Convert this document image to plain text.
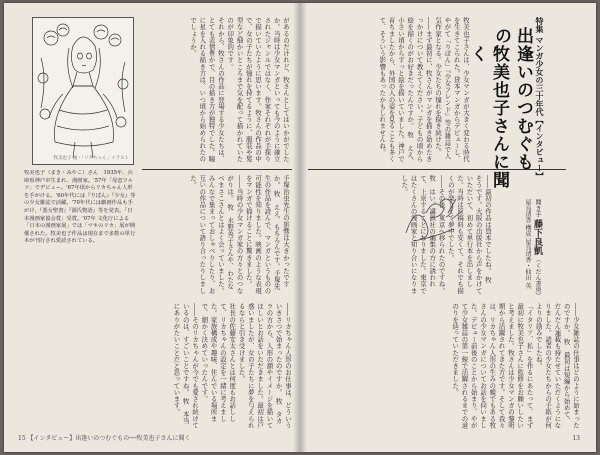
牧美也子 画・「リカちゃん」イラスト
牧美也子（まき・みやこ）さん　1935年、兵庫県神戸市生まれ、漫画家。'57年「母恋ワルツ」でデビュー。'67年頃からリカちゃん人形を手がける。'60年代には『りぼん』『少女』等の少女雑誌で活躍。'70年代には劇画作品も手がけ、『悪女聖書』『源氏物語』等を発表。「日本漫画家協会賞」受賞。'07年 文化庁による「日本の漫画家展」では「マキのリカ」展が開催された。牧美也子作品は現在まで多数の単行本が刊行され愛読されている。
があるのだけれど、牧さんとしてはいかがでしたか。当時は少女マンガといっても今のように確立されたジャンルではなく、作家それぞれが手探りで描いていたように思います。牧さんの作品の中で、女の子たちが憧れを持てるように、服装や髪型など細かいところまで気を配って描かれていたのが印象的です。
それから、牧さんの作品に登場する少女たちは、とても表情豊かで、目の描き方が独特でした。瞳に星を入れる描き方は、いつ頃から始められたのでしょうか。
手塚治虫先生の影響は大きかったですか。 牧　ええ、もちろんです。手塚先生の作品を読んで、マンガというものの可能性を知りました。映画のような表現をマンガで描けることに驚きました。
――当時の少女マンガ家の方々とのつながりは。 牧　水野英子さんや、わたなべまさこさんとはよく会っていました。みんなで集まっておしゃべりしたり、お互いの作品について語り合ったりしました。
――リカちゃん人形のお仕事は、どういういきさつで始まったのですか。 牧　タカラの方から、人形の顔やイメージを描いてほしいとお話をいただきました。最初は戸惑いましたが、女の子たちに夢を与えられるならと引き受けました。
社長の佐藤安太さんとは何度もお話しして、リカちゃんの設定を一緒に考えました。家族構成や趣味、住んでいる場所まで、細かく決めていったんです。
――そのリカちゃんが今でも愛され続けているのは、すごいことですね。 牧　本当にありがたいことだと思っています。
15 【インタビュー】出逢いのつむぐもの──牧美也子さんに聞く
牧美也子さんは、少女マンガが大きく変わる時代を生きてこられた。貸本マンガからデビューし、やがて『りぼん』『少女フレンド』等の雑誌で人気作家となる。少女たちの憧れを描き続けた。
――まず最初に、牧さんがマンガを描き始めたきっかけについて教えてください。子どもの頃から絵を描くのがお好きだったんですか。 牧　ええ、小さい頃からずっと絵を描いていました。神戸で育ちましたから、外国の人の姿を見ることも多くて、そういう影響もあったかもしれませんね。
――最初の作品は貸本でしたね。 牧　そうです。大阪の出版社から声をかけていただいて、初めて単行本を出しました。当時は原稿料も安くて、それでも描くのが楽しくて夢中でした。
――その後、東京へ移られたのですね。 牧　はい。講談社の編集の方に誘われて、上京することになりました。東京ではたくさんの漫画家と知り合いになりました。
――少女雑誌の仕事はどのように始まったのですか。 牧　最初は短編から始めて、だんだん連載も持たせていただくようになりました。読者の少女たちからの手紙が何よりの励みでしたね。
「イタリア、私」を作るにあたって、まず最初に牧美也子さんに監修をお願いしたいと考えました。牧さんは少女マンガの黎明期から活躍されてきた方です。そして我々は、リカちゃん人形の生みの親でもある牧さんの少女マンガについてお話を伺いました。デビュー前後のことから始まり、やがて少女雑誌の第一線で活躍されるまでの道のりを辿っていただきました。
13
特集 マンガ少女の三十年代【インタビュー】
出逢いのつむぐもの
牧美也子さんに聞く
聞き手 藤下良凱 （くだん書房） 屋良清香 構成 屋良清香・仙田 英
